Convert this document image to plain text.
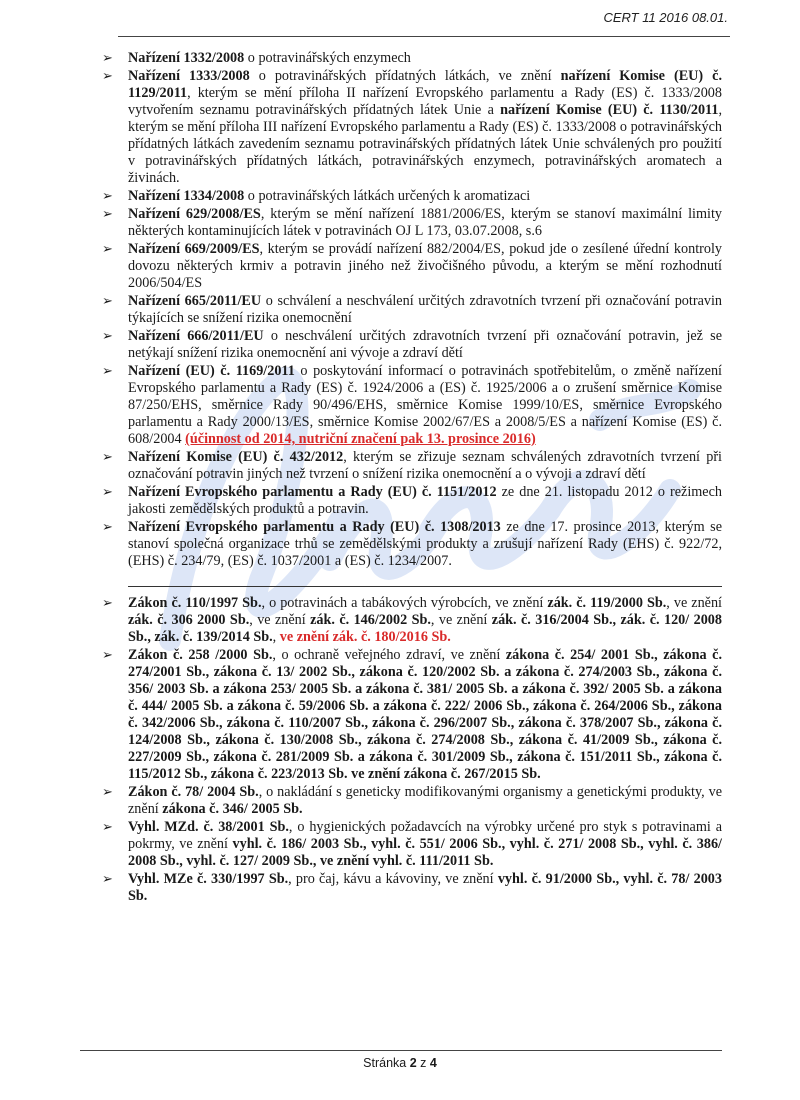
CERT 11 2016 08.01.
➢ Nařízení 1332/2008 o potravinářských enzymech
➢ Nařízení 1333/2008 o potravinářských přídatných látkách, ve znění nařízení Komise (EU) č. 1129/2011, kterým se mění příloha II nařízení Evropského parlamentu a Rady (ES) č. 1333/2008 vytvořením seznamu potravinářských přídatných látek Unie a nařízení Komise (EU) č. 1130/2011, kterým se mění příloha III nařízení Evropského parlamentu a Rady (ES) č. 1333/2008 o potravinářských přídatných látkách zavedením seznamu potravinářských přídatných látek Unie schválených pro použití v potravinářských přídatných látkách, potravinářských enzymech, potravinářských aromatech a živinách.
➢ Nařízení 1334/2008 o potravinářských látkách určených k aromatizaci
➢ Nařízení 629/2008/ES, kterým se mění nařízení 1881/2006/ES, kterým se stanoví maximální limity některých kontaminujících látek v potravinách OJ L 173, 03.07.2008, s.6
➢ Nařízení 669/2009/ES, kterým se provádí nařízení 882/2004/ES, pokud jde o zesílené úřední kontroly dovozu některých krmiv a potravin jiného než živočišného původu, a kterým se mění rozhodnutí 2006/504/ES
➢ Nařízení 665/2011/EU o schválení a neschválení určitých zdravotních tvrzení při označování potravin týkajících se snížení rizika onemocnění
➢ Nařízení 666/2011/EU o neschválení určitých zdravotních tvrzení při označování potravin, jež se netýkají snížení rizika onemocnění ani vývoje a zdraví dětí
➢ Nařízení (EU) č. 1169/2011 o poskytování informací o potravinách spotřebitelům, o změně nařízení Evropského parlamentu a Rady (ES) č. 1924/2006 a (ES) č. 1925/2006 a o zrušení směrnice Komise 87/250/EHS, směrnice Rady 90/496/EHS, směrnice Komise 1999/10/ES, směrnice Evropského parlamentu a Rady 2000/13/ES, směrnice Komise 2002/67/ES a 2008/5/ES a nařízení Komise (ES) č. 608/2004 (účinnost od 2014, nutriční značení pak 13. prosince 2016)
➢ Nařízení Komise (EU) č. 432/2012, kterým se zřizuje seznam schválených zdravotních tvrzení při označování potravin jiných než tvrzení o snížení rizika onemocnění a o vývoji a zdraví dětí
➢ Nařízení Evropského parlamentu a Rady (EU) č. 1151/2012 ze dne 21. listopadu 2012 o režimech jakosti zemědělských produktů a potravin.
➢ Nařízení Evropského parlamentu a Rady (EU) č. 1308/2013 ze dne 17. prosince 2013, kterým se stanoví společná organizace trhů se zemědělskými produkty a zrušují nařízení Rady (EHS) č. 922/72, (EHS) č. 234/79, (ES) č. 1037/2001 a (ES) č. 1234/2007.
➢ Zákon č. 110/1997 Sb., o potravinách a tabákových výrobcích, ve znění zák. č. 119/2000 Sb., ve znění zák. č. 306 2000 Sb., ve znění zák. č. 146/2002 Sb., ve znění zák. č. 316/2004 Sb., zák. č. 120/ 2008 Sb., zák. č. 139/2014 Sb., ve znění zák. č. 180/2016 Sb.
➢ Zákon č. 258 /2000 Sb., o ochraně veřejného zdraví, ve znění zákona č. 254/ 2001 Sb., zákona č. 274/2001 Sb., zákona č. 13/ 2002 Sb., zákona č. 120/2002 Sb. a zákona č. 274/2003 Sb., zákona č. 356/ 2003 Sb. a zákona 253/ 2005 Sb. a zákona č. 381/ 2005 Sb. a zákona č. 392/ 2005 Sb. a zákona č. 444/ 2005 Sb. a zákona č. 59/2006 Sb. a zákona č. 222/ 2006 Sb., zákona č. 264/2006 Sb., zákona č. 342/2006 Sb., zákona č. 110/2007 Sb., zákona č. 296/2007 Sb., zákona č. 378/2007 Sb., zákona č. 124/2008 Sb., zákona č. 130/2008 Sb., zákona č. 274/2008 Sb., zákona č. 41/2009 Sb., zákona č. 227/2009 Sb., zákona č. 281/2009 Sb. a zákona č. 301/2009 Sb., zákona č. 151/2011 Sb., zákona č. 115/2012 Sb., zákona č. 223/2013 Sb. ve znění zákona č. 267/2015 Sb.
➢ Zákon č. 78/ 2004 Sb., o nakládání s geneticky modifikovanými organismy a genetickými produkty, ve znění zákona č. 346/ 2005 Sb.
➢ Vyhl. MZd. č. 38/2001 Sb., o hygienických požadavcích na výrobky určené pro styk s potravinami a pokrmy, ve znění vyhl. č. 186/ 2003 Sb., vyhl. č. 551/ 2006 Sb., vyhl. č. 271/ 2008 Sb., vyhl. č. 386/ 2008 Sb., vyhl. č. 127/ 2009 Sb., ve znění vyhl. č. 111/2011 Sb.
➢ Vyhl. MZe č. 330/1997 Sb., pro čaj, kávu a kávoviny, ve znění vyhl. č. 91/2000 Sb., vyhl. č. 78/ 2003 Sb.
Stránka 2 z 4
